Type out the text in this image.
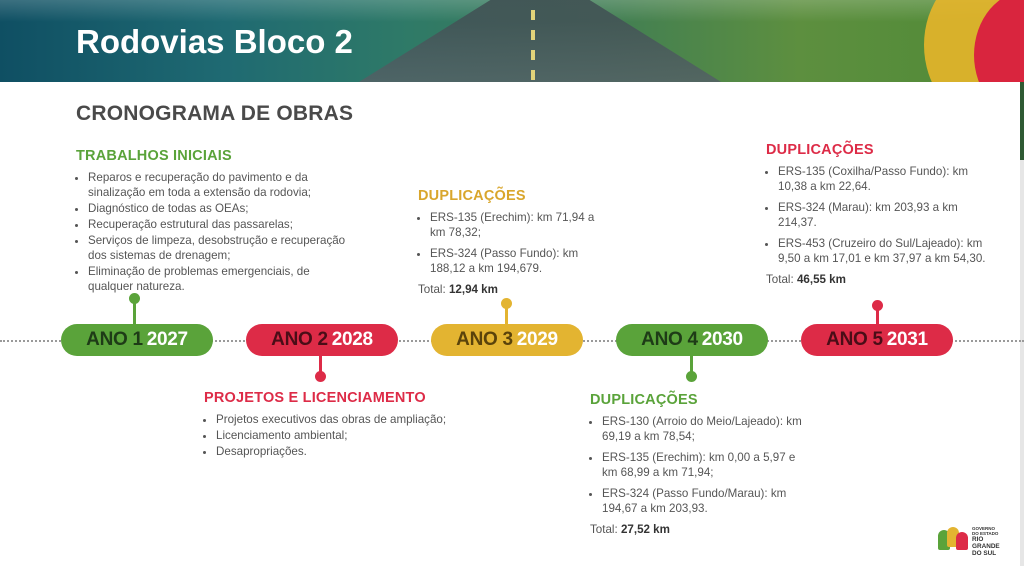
Rodovias Bloco 2
CRONOGRAMA DE OBRAS
TRABALHOS INICIAIS
• Reparos e recuperação do pavimento e da sinalização em toda a extensão da rodovia;
• Diagnóstico de todas as OEAs;
• Recuperação estrutural das passarelas;
• Serviços de limpeza, desobstrução e recuperação dos sistemas de drenagem;
• Eliminação de problemas emergenciais, de qualquer natureza.
PROJETOS E LICENCIAMENTO
• Projetos executivos das obras de ampliação;
• Licenciamento ambiental;
• Desapropriações.
DUPLICAÇÕES
• ERS-135 (Erechim): km 71,94 a km 78,32;
• ERS-324 (Passo Fundo): km 188,12 a km 194,679.
Total: 12,94 km
DUPLICAÇÕES
• ERS-130 (Arroio do Meio/Lajeado): km 69,19 a km 78,54;
• ERS-135 (Erechim): km 0,00 a 5,97 e km 68,99 a km 71,94;
• ERS-324 (Passo Fundo/Marau): km 194,67 a km 203,93.
Total: 27,52 km
DUPLICAÇÕES
• ERS-135 (Coxilha/Passo Fundo): km 10,38 a km 22,64.
• ERS-324 (Marau): km 203,93 a km 214,37.
• ERS-453 (Cruzeiro do Sul/Lajeado): km 9,50 a km 17,01 e km 37,97 a km 54,30.
Total: 46,55 km
ANO 1 2027	ANO 2 2028	ANO 3 2029	ANO 4 2030	ANO 5 2031
GOVERNO
DO ESTADO
RIO
GRANDE
DO SUL
